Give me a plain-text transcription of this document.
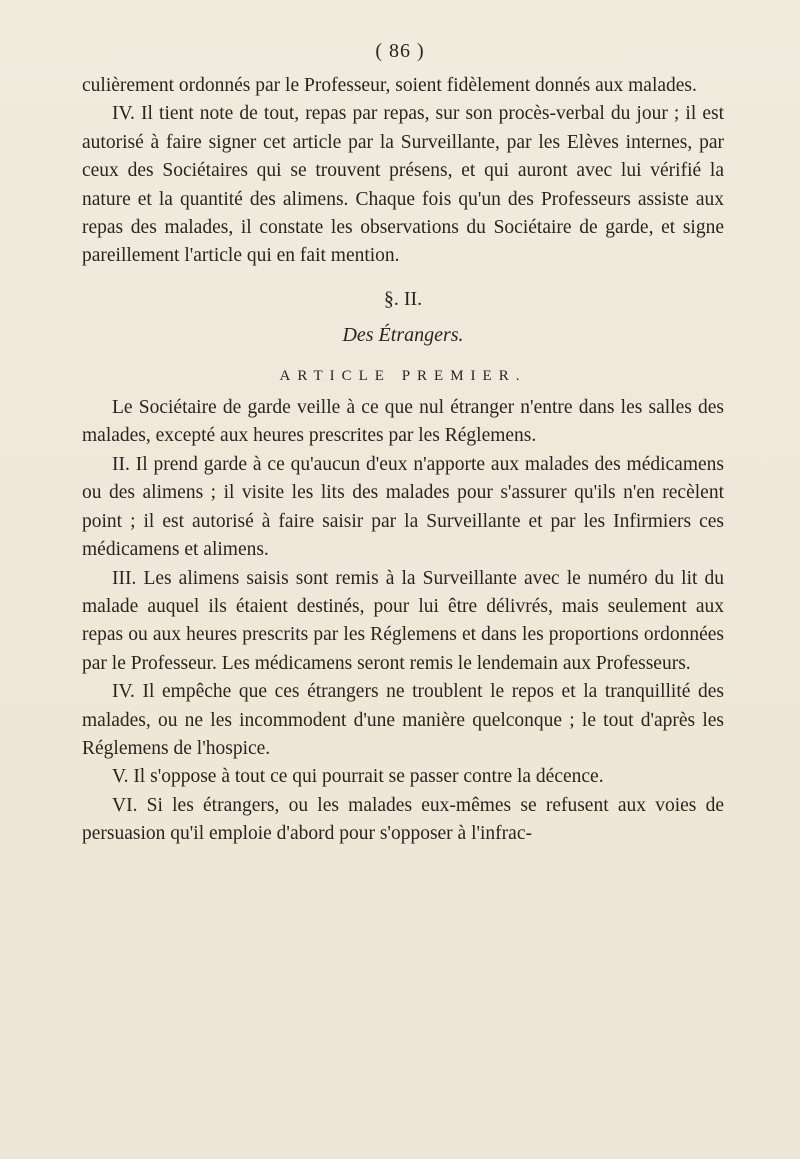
( 86 )

culièrement ordonnés par le Professeur, soient fidèlement donnés aux malades.

IV. Il tient note de tout, repas par repas, sur son procès-verbal du jour ; il est autorisé à faire signer cet article par la Surveillante, par les Elèves internes, par ceux des Sociétaires qui se trouvent présens, et qui auront avec lui vérifié la nature et la quantité des alimens. Chaque fois qu'un des Professeurs assiste aux repas des malades, il constate les observations du Sociétaire de garde, et signe pareillement l'article qui en fait mention.

§. II.

Des Étrangers.

ARTICLE PREMIER.

Le Sociétaire de garde veille à ce que nul étranger n'entre dans les salles des malades, excepté aux heures prescrites par les Réglemens.

II. Il prend garde à ce qu'aucun d'eux n'apporte aux malades des médicamens ou des alimens ; il visite les lits des malades pour s'assurer qu'ils n'en recèlent point ; il est autorisé à faire saisir par la Surveillante et par les Infirmiers ces médicamens et alimens.

III. Les alimens saisis sont remis à la Surveillante avec le numéro du lit du malade auquel ils étaient destinés, pour lui être délivrés, mais seulement aux repas ou aux heures prescrits par les Réglemens et dans les proportions ordonnées par le Professeur. Les médicamens seront remis le lendemain aux Professeurs.

IV. Il empêche que ces étrangers ne troublent le repos et la tranquillité des malades, ou ne les incommodent d'une manière quelconque ; le tout d'après les Réglemens de l'hospice.

V. Il s'oppose à tout ce qui pourrait se passer contre la décence.

VI. Si les étrangers, ou les malades eux-mêmes se refusent aux voies de persuasion qu'il emploie d'abord pour s'opposer à l'infrac-
